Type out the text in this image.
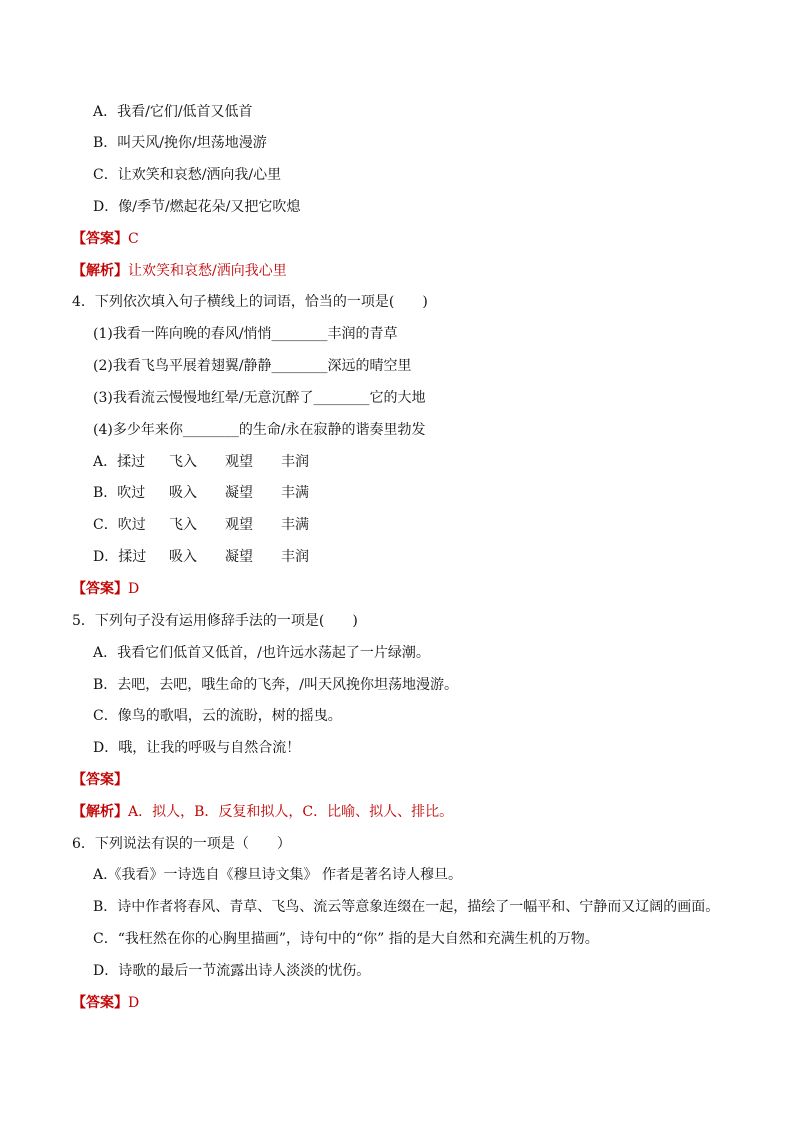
A．我看/它们/低首又低首
B．叫天风/挽你/坦荡地漫游
C．让欢笑和哀愁/洒向我/心里
D．像/季节/燃起花朵/又把它吹熄
【答案】C
【解析】让欢笑和哀愁/洒向我心里
4．下列依次填入句子横线上的词语，恰当的一项是(　　)
(1)我看一阵向晚的春风/悄悄________丰润的青草
(2)我看飞鸟平展着翅翼/静静________深远的晴空里
(3)我看流云慢慢地红晕/无意沉醉了________它的大地
(4)多少年来你________的生命/永在寂静的谐奏里勃发
A．揉过	飞入	观望	丰润
B．吹过	吸入	凝望	丰满
C．吹过	飞入	观望	丰满
D．揉过	吸入	凝望	丰润
【答案】D
5．下列句子没有运用修辞手法的一项是(　　)
A．我看它们低首又低首，/也许远水荡起了一片绿潮。
B．去吧，去吧，哦生命的飞奔，/叫天风挽你坦荡地漫游。
C．像鸟的歌唱，云的流盼，树的摇曳。
D．哦，让我的呼吸与自然合流！
【答案】
【解析】A．拟人，B．反复和拟人，C．比喻、拟人、排比。
6．下列说法有误的一项是（　　）
A.《我看》一诗选自《穆旦诗文集》 作者是著名诗人穆旦。
B．诗中作者将春风、青草、飞鸟、流云等意象连缀在一起，描绘了一幅平和、宁静而又辽阔的画面。
C．“我枉然在你的心胸里描画”，诗句中的“你” 指的是大自然和充满生机的万物。
D．诗歌的最后一节流露出诗人淡淡的忧伤。
【答案】D
